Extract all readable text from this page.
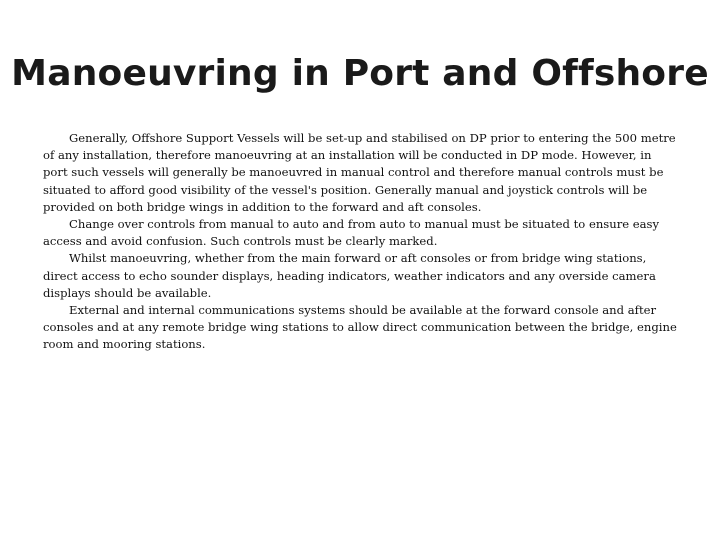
Manoeuvring in Port and Offshore

Generally, Offshore Support Vessels will be set-up and stabilised on DP prior to entering the 500 metre of any installation, therefore manoeuvring at an installation will be conducted in DP mode. However, in port such vessels will generally be manoeuvred in manual control and therefore manual controls must be situated to afford good visibility of the vessel's position. Generally manual and joystick controls will be provided on both bridge wings in addition to the forward and aft consoles.

Change over controls from manual to auto and from auto to manual must be situated to ensure easy access and avoid confusion. Such controls must be clearly marked.

Whilst manoeuvring, whether from the main forward or aft consoles or from bridge wing stations, direct access to echo sounder displays, heading indicators, weather indicators and any overside camera displays should be available.

External and internal communications systems should be available at the forward console and after consoles and at any remote bridge wing stations to allow direct communication between the bridge, engine room and mooring stations.
